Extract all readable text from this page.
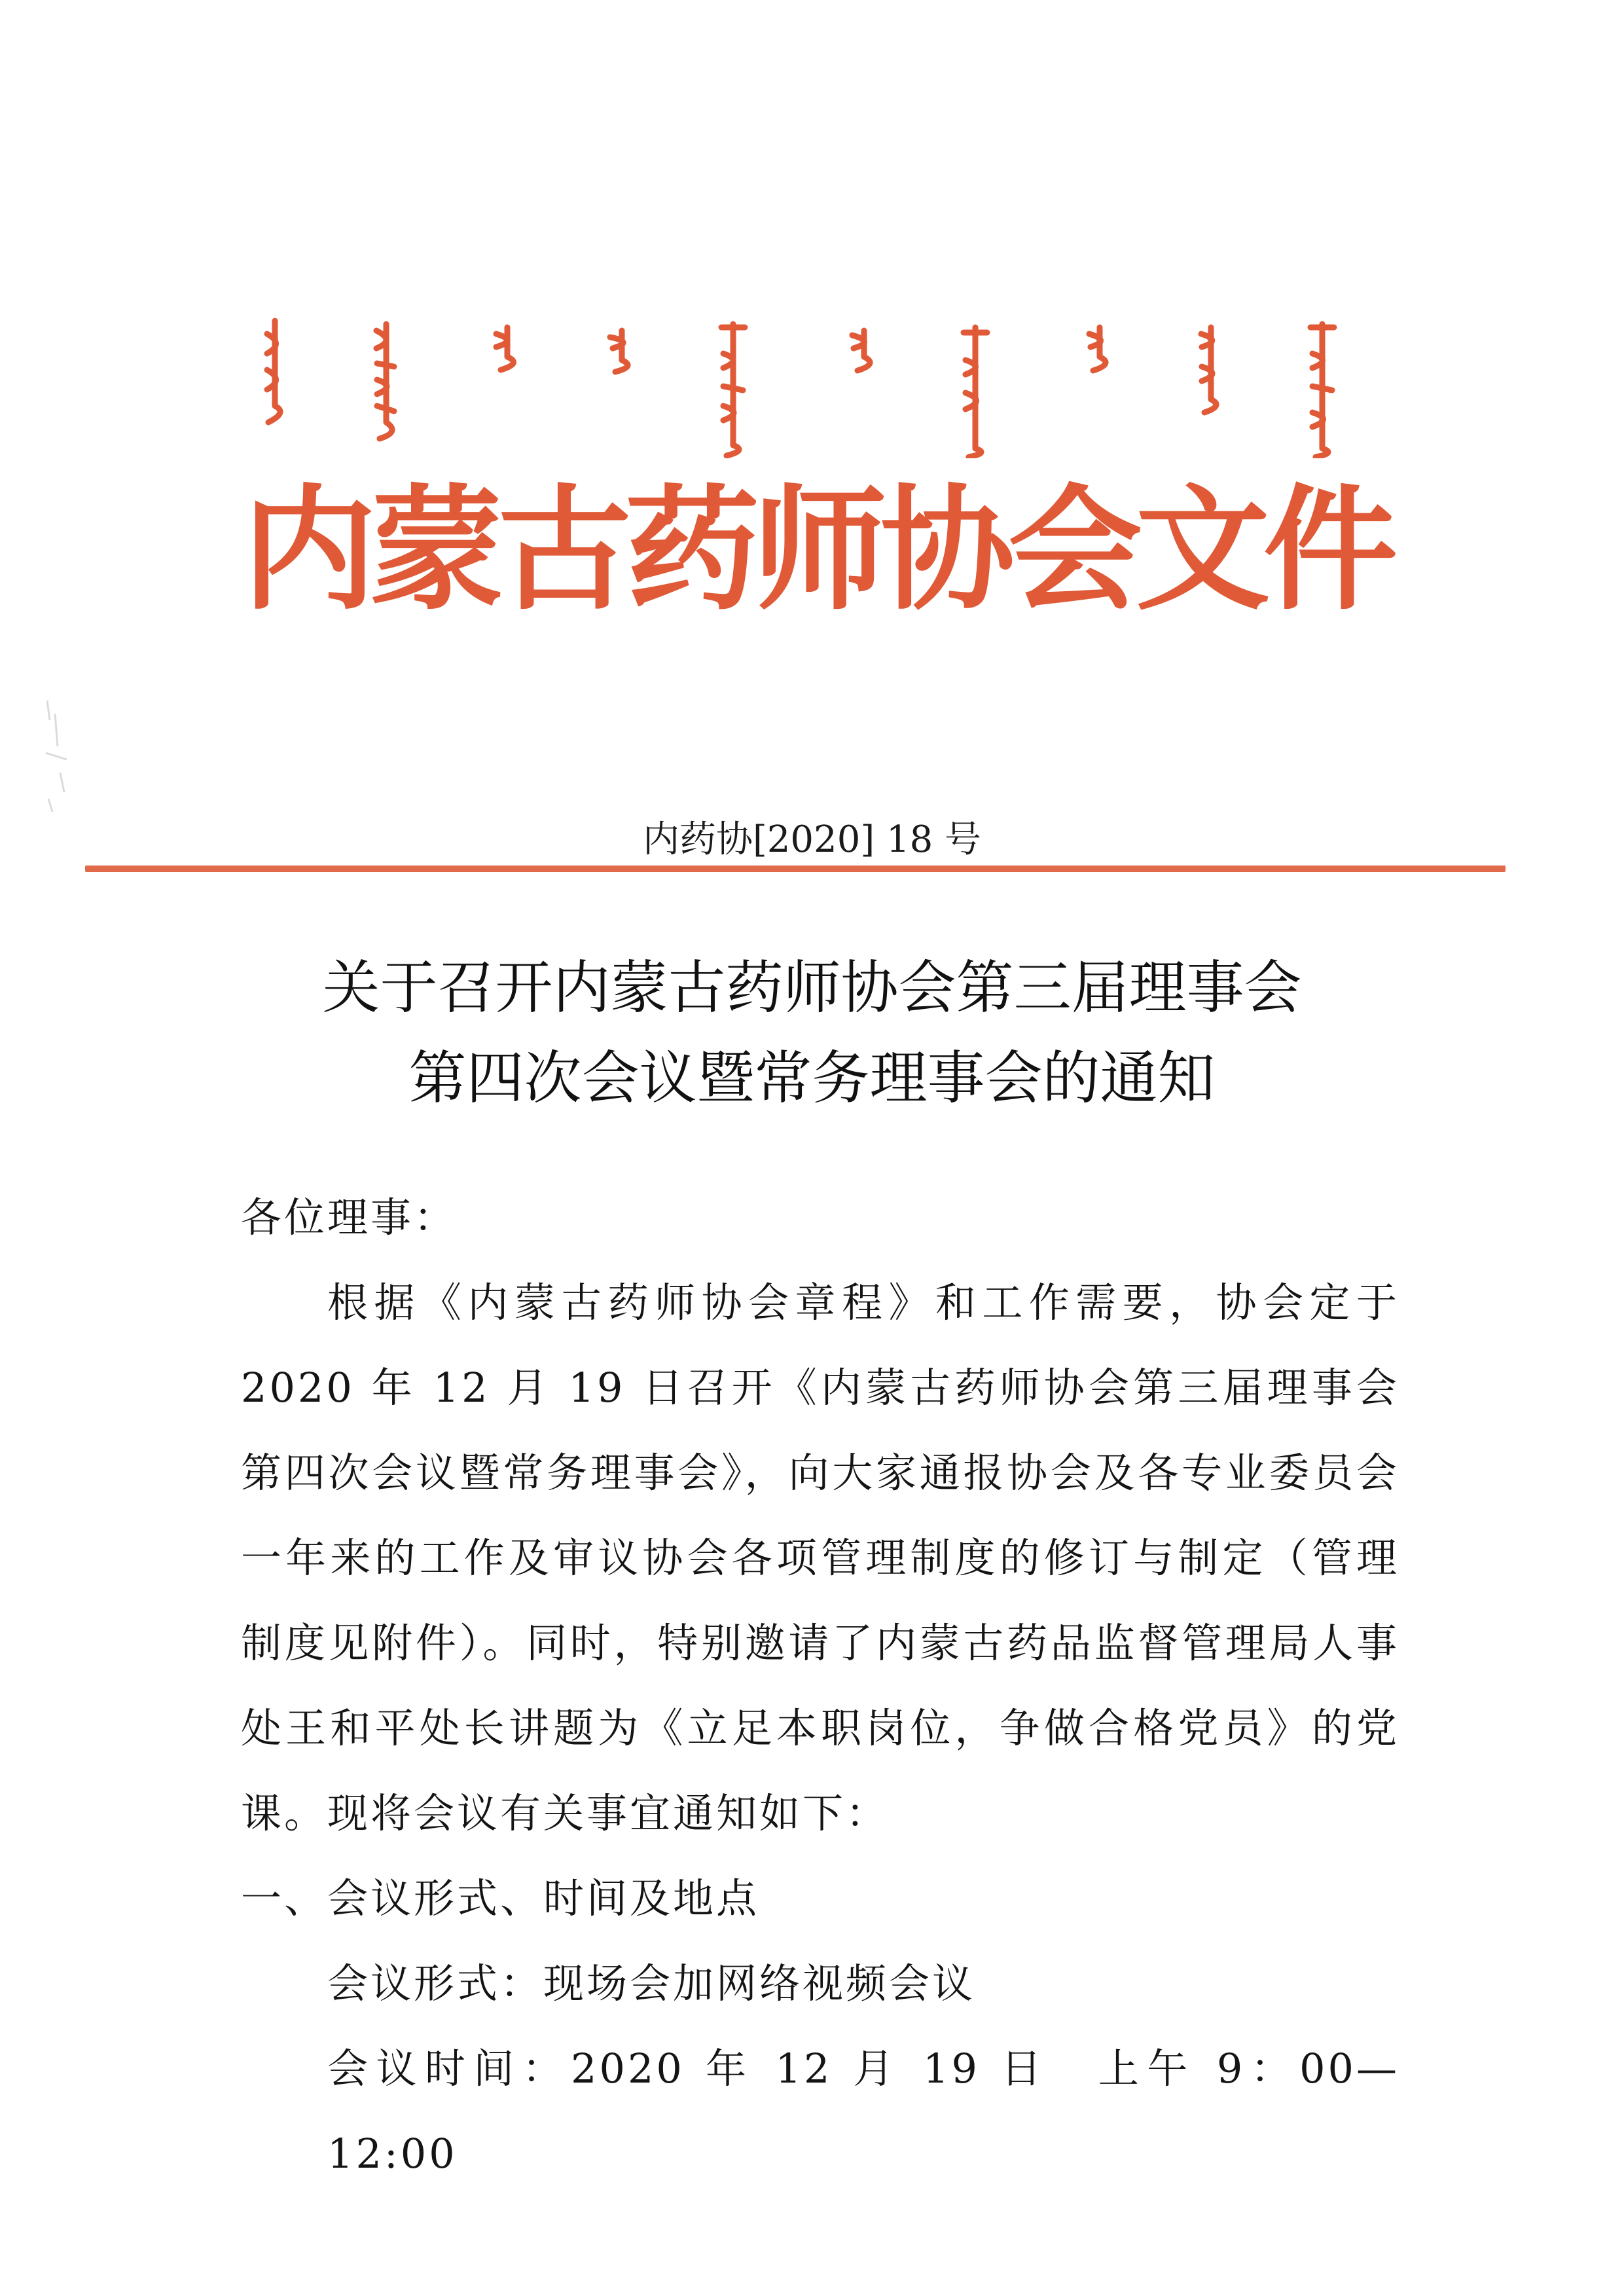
内
蒙
古
药
师
协
会
文
件
内药协[2020] 18 号
关于召开内蒙古药师协会第三届理事会
第四次会议暨常务理事会的通知

各位理事：

根据《内蒙古药师协会章程》和工作需要，协会定于 2020 年 12 月 19 日召开《内蒙古药师协会第三届理事会第四次会议暨常务理事会》，向大家通报协会及各专业委员会一年来的工作及审议协会各项管理制度的修订与制定（管理制度见附件）。同时，特别邀请了内蒙古药品监督管理局人事处王和平处长讲题为《立足本职岗位，争做合格党员》的党课。现将会议有关事宜通知如下：

一、会议形式、时间及地点

会议形式：现场会加网络视频会议

会议时间：2020 年 12 月 19 日　上午 9：00—12:00
